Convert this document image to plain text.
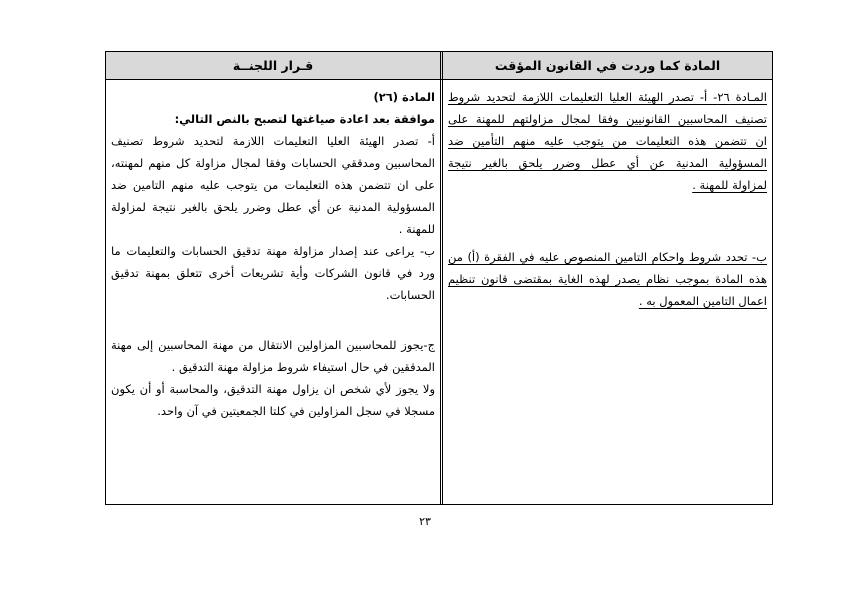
المادة كما وردت في القانون المؤقت
قـرار اللجنــة
المـادة ٢٦- أ- تصدر الهيئة العليا التعليمات اللازمة لتحديد شروط
تصنيف المحاسبين القانونيين وفقا لمجال مزاولتهم للمهنة على
ان تتضمن هذه التعليمات من يتوجب عليه منهم التأمين ضد
المسؤولية المدنية عن أي عطل وضرر يلحق بالغير نتيجة
لمزاولة للمهنة .
ب- تحدد شروط واحكام التامين المنصوص عليه في الفقرة (أ) من
هذه المادة بموجب نظام يصدر لهذه الغاية بمقتضى قانون تنظيم
اعمال التامين المعمول به .
المادة (٢٦)
موافقة بعد اعادة صياغتها لتصبح بالنص التالي:
أ- تصدر الهيئة العليا التعليمات اللازمة لتحديد شروط تصنيف
المحاسبين ومدققي الحسابات وفقا لمجال مزاولة كل منهم لمهنته،
على ان تتضمن هذه التعليمات من يتوجب عليه منهم التامين ضد
المسؤولية المدنية عن أي عطل وضرر يلحق بالغير نتيجة لمزاولة
للمهنة .
ب- يراعى عند إصدار مزاولة مهنة تدقيق الحسابات والتعليمات ما
ورد في قانون الشركات وأية تشريعات أخرى تتعلق بمهنة تدقيق
الحسابات.
ج-يجوز للمحاسبين المزاولين الانتقال من مهنة المحاسبين إلى مهنة
المدققين في حال استيفاء شروط مزاولة مهنة التدقيق .
ولا يجوز لأي شخص ان يزاول مهنة التدقيق، والمحاسبة أو أن يكون
مسجلا في سجل المزاولين في كلتا الجمعيتين في آن واحد.
٢٣
